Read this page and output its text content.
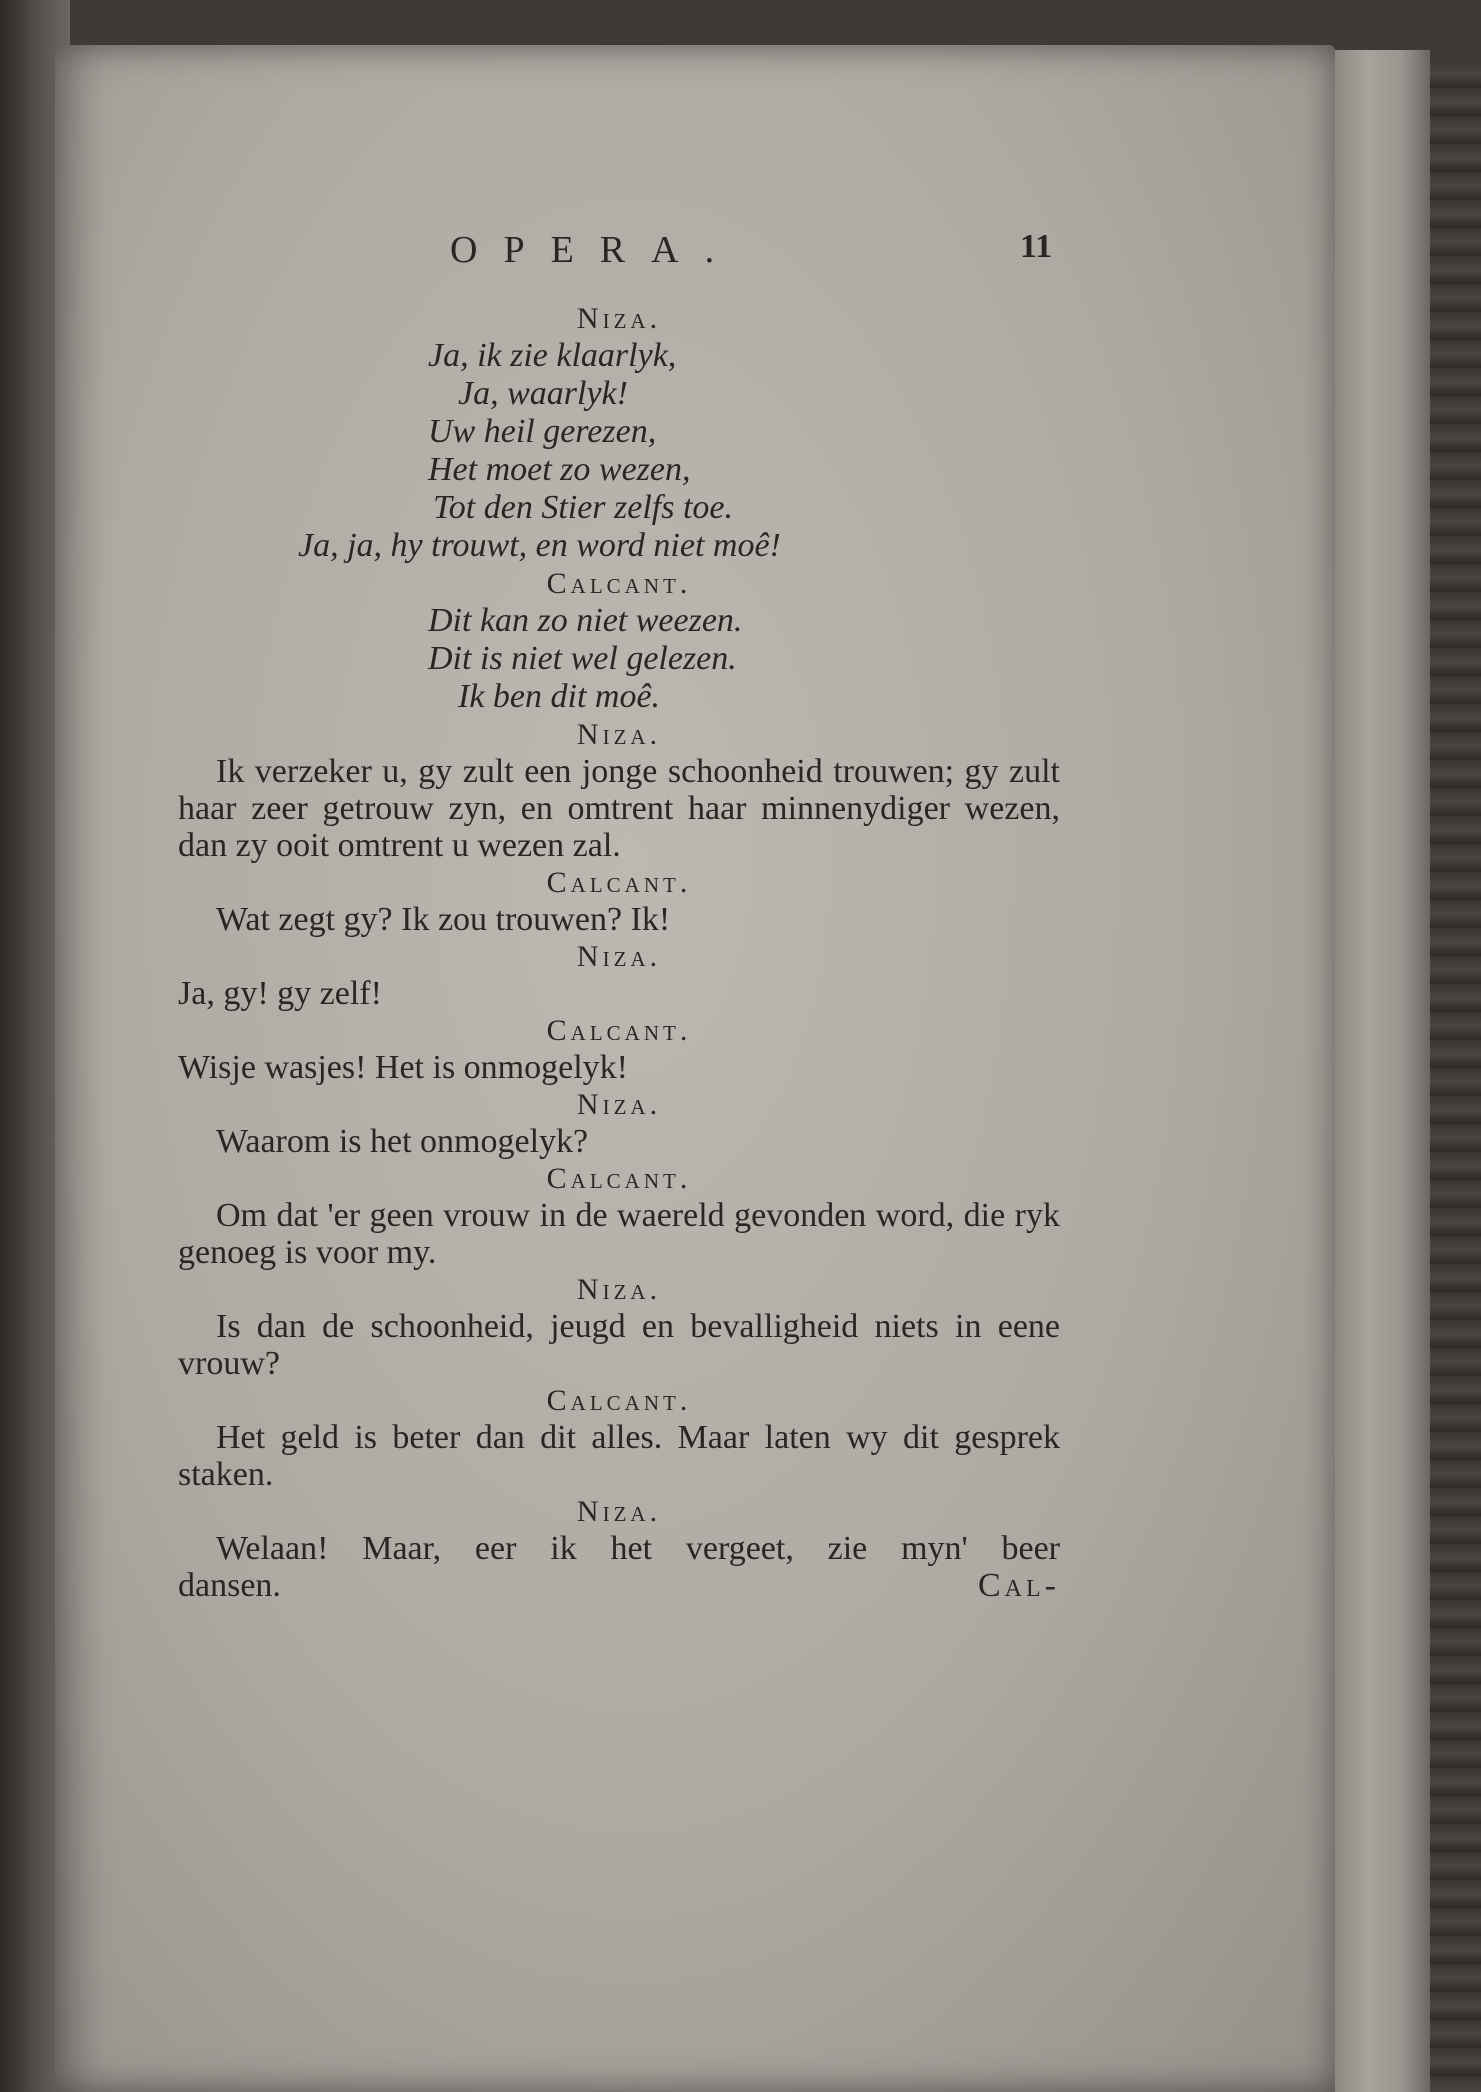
OPERA.	11
Niza.
Ja, ik zie klaarlyk,
Ja, waarlyk!
Uw heil gerezen,
Het moet zo wezen,
Tot den Stier zelfs toe.
Ja, ja, hy trouwt, en word niet moê!
Calcant.
Dit kan zo niet weezen.
Dit is niet wel gelezen.
Ik ben dit moê.
Niza.
Ik verzeker u, gy zult een jonge schoonheid trouwen; gy zult haar zeer getrouw zyn, en omtrent haar minnenydiger wezen, dan zy ooit omtrent u wezen zal.
Calcant.
Wat zegt gy? Ik zou trouwen? Ik!
Niza.
Ja, gy! gy zelf!
Calcant.
Wisje wasjes! Het is onmogelyk!
Niza.
Waarom is het onmogelyk?
Calcant.
Om dat 'er geen vrouw in de waereld gevonden word, die ryk genoeg is voor my.
Niza.
Is dan de schoonheid, jeugd en bevalligheid niets in eene vrouw?
Calcant.
Het geld is beter dan dit alles. Maar laten wy dit gesprek staken.
Niza.
Welaan! Maar, eer ik het vergeet, zie myn' beer
dansen.	Cal-
